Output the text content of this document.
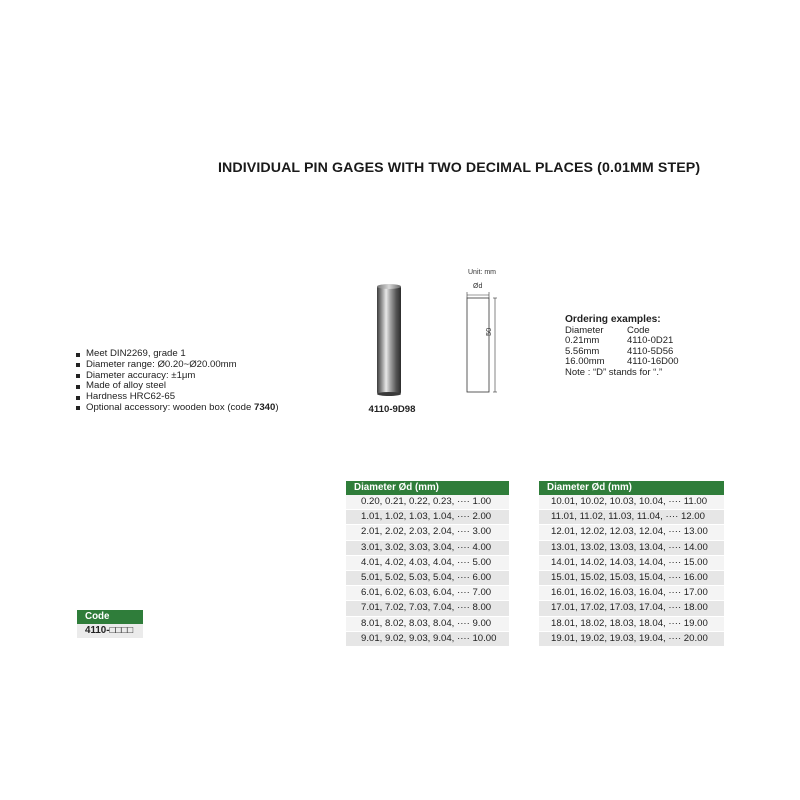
INDIVIDUAL PIN GAGES WITH TWO DECIMAL PLACES (0.01MM STEP)
Meet DIN2269, grade 1
Diameter range: Ø0.20~Ø20.00mm
Diameter accuracy: ±1μm
Made of alloy steel
Hardness HRC62-65
Optional accessory: wooden box (code 7340)	4110-9D98
Unit: mm
Ød
50
Ordering examples:
Diameter	Code
0.21mm	4110-0D21
5.56mm	4110-5D56
16.00mm	4110-16D00
Note : “D” stands for “.”
Diameter Ød (mm)
0.20, 0.21, 0.22, 0.23, ···· 1.00
1.01, 1.02, 1.03, 1.04, ···· 2.00
2.01, 2.02, 2.03, 2.04, ···· 3.00
3.01, 3.02, 3.03, 3.04, ···· 4.00
4.01, 4.02, 4.03, 4.04, ···· 5.00
5.01, 5.02, 5.03, 5.04, ···· 6.00
6.01, 6.02, 6.03, 6.04, ···· 7.00
7.01, 7.02, 7.03, 7.04, ···· 8.00
8.01, 8.02, 8.03, 8.04, ···· 9.00
9.01, 9.02, 9.03, 9.04, ···· 10.00
Diameter Ød (mm)
10.01, 10.02, 10.03, 10.04, ···· 11.00
11.01, 11.02, 11.03, 11.04, ···· 12.00
12.01, 12.02, 12.03, 12.04, ···· 13.00
13.01, 13.02, 13.03, 13.04, ···· 14.00
14.01, 14.02, 14.03, 14.04, ···· 15.00
15.01, 15.02, 15.03, 15.04, ···· 16.00
16.01, 16.02, 16.03, 16.04, ···· 17.00
17.01, 17.02, 17.03, 17.04, ···· 18.00
18.01, 18.02, 18.03, 18.04, ···· 19.00
19.01, 19.02, 19.03, 19.04, ···· 20.00
Code
4110-□□□□
